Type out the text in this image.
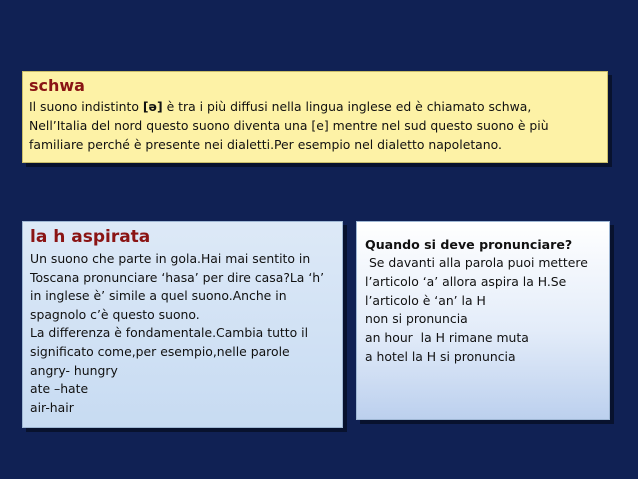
schwa
Il suono indistinto [ə] è tra i più diffusi nella lingua inglese ed è chiamato schwa,
Nell’Italia del nord questo suono diventa una [e] mentre nel sud questo suono è più
familiare perché è presente nei dialetti.Per esempio nel dialetto napoletano.
la h aspirata
Un suono che parte in gola.Hai mai sentito in
Toscana pronunciare ‘hasa’ per dire casa?La ‘h’
in inglese è’ simile a quel suono.Anche in
spagnolo c’è questo suono.
La differenza è fondamentale.Cambia tutto il
significato come,per esempio,nelle parole
angry- hungry
ate –hate
air-hair
Quando si deve pronunciare?
Se davanti alla parola puoi mettere
l’articolo ‘a’ allora aspira la H.Se
l’articolo è ‘an’ la H
non si pronuncia
an hour  la H rimane muta
a hotel la H si pronuncia
